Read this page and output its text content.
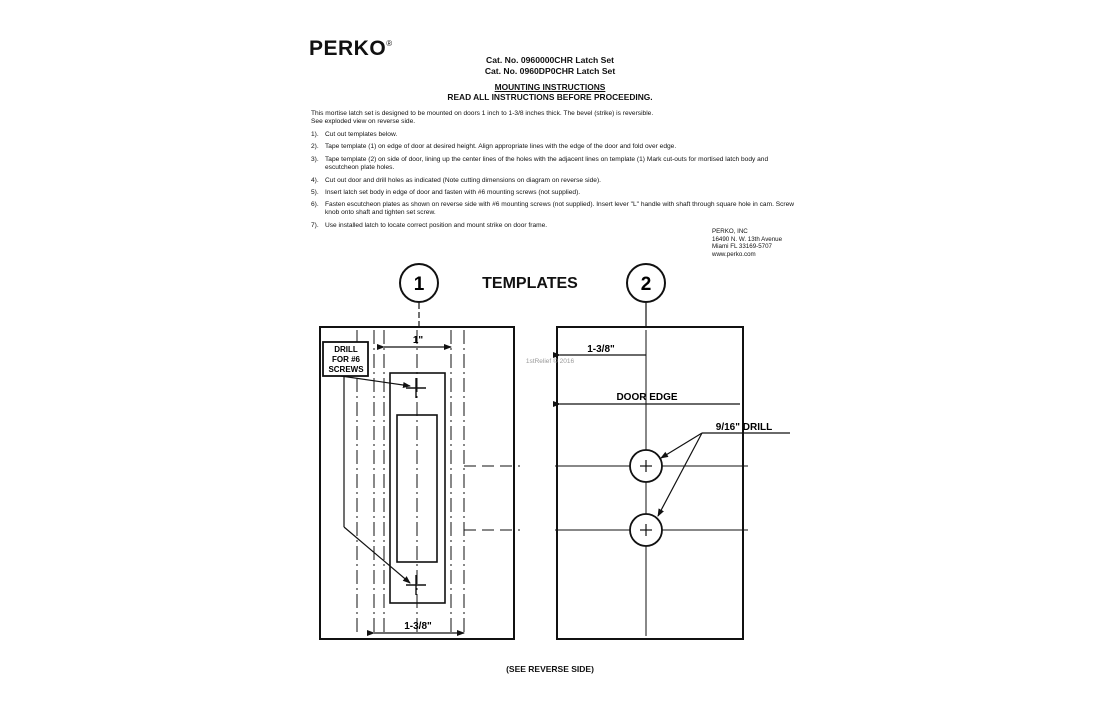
PERKO®
Cat. No. 0960000CHR Latch Set
Cat. No. 0960DP0CHR Latch Set
MOUNTING INSTRUCTIONS
READ ALL INSTRUCTIONS BEFORE PROCEEDING.
This mortise latch set is designed to be mounted on doors 1 inch to 1-3/8 inches thick. The bevel (strike) is reversible.
See exploded view on reverse side.
1). Cut out templates below.
2). Tape template (1) on edge of door at desired height. Align appropriate lines with the edge of the door and fold over edge.
3). Tape template (2) on side of door, lining up the center lines of the holes with the adjacent lines on template (1) Mark cut-outs for mortised latch body and escutcheon plate holes.
4). Cut out door and drill holes as indicated (Note cutting dimensions on diagram on reverse side).
5). Insert latch set body in edge of door and fasten with #6 mounting screws (not supplied).
6). Fasten escutcheon plates as shown on reverse side with #6 mounting screws (not supplied). Insert lever "L" handle with shaft through square hole in cam. Screw knob onto shaft and tighten set screw.
7). Use installed latch to locate correct position and mount strike on door frame.
PERKO, INC
16490 N. W. 13th Avenue
Miami FL 33169-5707
www.perko.com
TEMPLATES
1	2
1"
DRILL
FOR #6
SCREWS
1-3/8"
1-3/8"
DOOR EDGE
9/16" DRILL
1stRelief © 2016
(SEE REVERSE SIDE)
